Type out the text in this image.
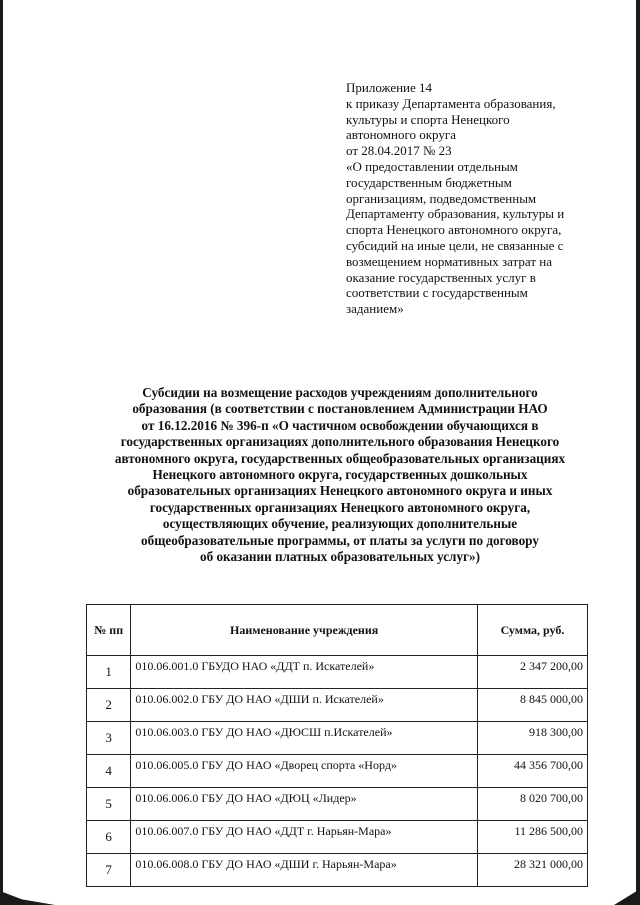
Приложение 14
к приказу Департамента образования,
культуры и спорта Ненецкого
автономного округа
от 28.04.2017 № 23
«О предоставлении отдельным
государственным бюджетным
организациям, подведомственным
Департаменту образования, культуры и
спорта Ненецкого автономного округа,
субсидий на иные цели, не связанные с
возмещением нормативных затрат на
оказание государственных услуг в
соответствии с государственным
заданием»
Субсидии на возмещение расходов учреждениям дополнительного
образования (в соответствии с постановлением Администрации НАО
от 16.12.2016 № 396-п «О частичном освобождении обучающихся в
государственных организациях дополнительного образования Ненецкого
автономного округа, государственных общеобразовательных организациях
Ненецкого автономного округа, государственных дошкольных
образовательных организациях Ненецкого автономного округа и иных
государственных организациях Ненецкого автономного округа,
осуществляющих обучение, реализующих дополнительные
общеобразовательные программы, от платы за услуги по договору
об оказании платных образовательных услуг»)
№ пп	Наименование учреждения	Сумма, руб.
1	010.06.001.0 ГБУДО НАО «ДДТ п. Искателей»	2 347 200,00
2	010.06.002.0 ГБУ ДО НАО «ДШИ п. Искателей»	8 845 000,00
3	010.06.003.0 ГБУ ДО НАО «ДЮСШ п.Искателей»	918 300,00
4	010.06.005.0 ГБУ ДО НАО «Дворец спорта «Норд»	44 356 700,00
5	010.06.006.0 ГБУ ДО НАО «ДЮЦ «Лидер»	8 020 700,00
6	010.06.007.0 ГБУ ДО НАО «ДДТ г. Нарьян-Мара»	11 286 500,00
7	010.06.008.0 ГБУ ДО НАО «ДШИ г. Нарьян-Мара»	28 321 000,00
